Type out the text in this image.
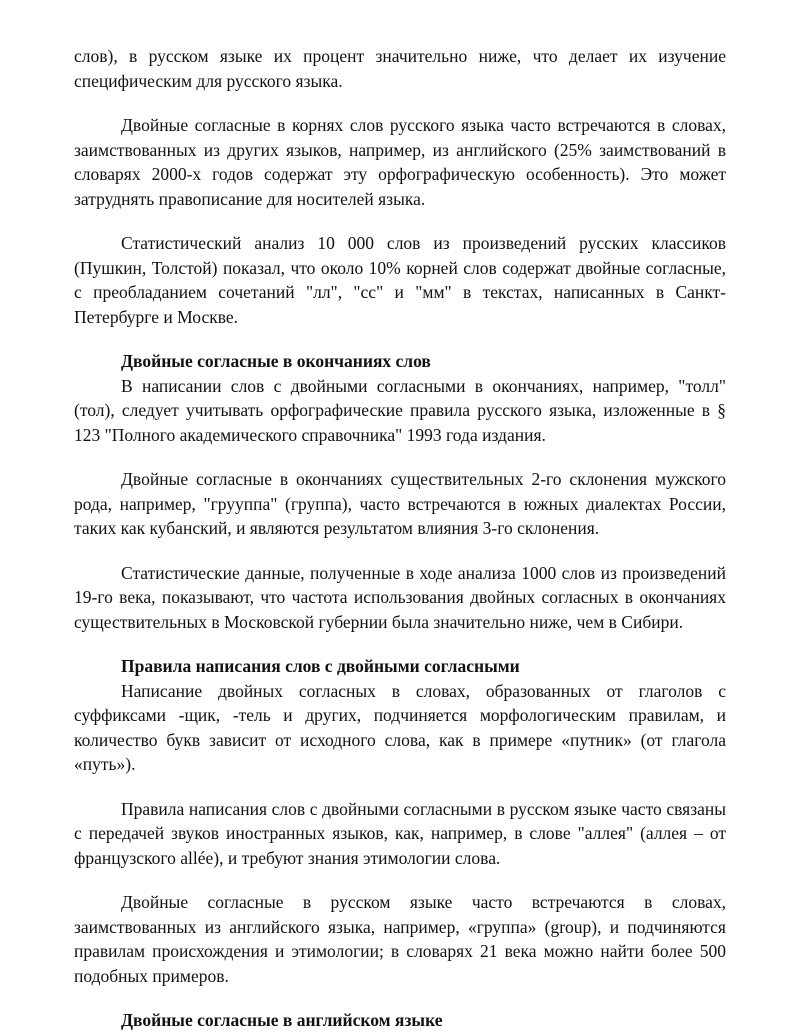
слов), в русском языке их процент значительно ниже, что делает их изучение специфическим для русского языка.

Двойные согласные в корнях слов русского языка часто встречаются в словах, заимствованных из других языков, например, из английского (25% заимствований в словарях 2000-х годов содержат эту орфографическую особенность). Это может затруднять правописание для носителей языка.

Статистический анализ 10 000 слов из произведений русских классиков (Пушкин, Толстой) показал, что около 10% корней слов содержат двойные согласные, с преобладанием сочетаний "лл", "сс" и "мм" в текстах, написанных в Санкт-Петербурге и Москве.

Двойные согласные в окончаниях слов

В написании слов с двойными согласными в окончаниях, например, "толл" (тол), следует учитывать орфографические правила русского языка, изложенные в § 123 "Полного академического справочника" 1993 года издания.

Двойные согласные в окончаниях существительных 2-го склонения мужского рода, например, "грууппа" (группа), часто встречаются в южных диалектах России, таких как кубанский, и являются результатом влияния 3-го склонения.

Статистические данные, полученные в ходе анализа 1000 слов из произведений 19-го века, показывают, что частота использования двойных согласных в окончаниях существительных в Московской губернии была значительно ниже, чем в Сибири.

Правила написания слов с двойными согласными

Написание двойных согласных в словах, образованных от глаголов с суффиксами -щик, -тель и других, подчиняется морфологическим правилам, и количество букв зависит от исходного слова, как в примере «путник» (от глагола «путь»).

Правила написания слов с двойными согласными в русском языке часто связаны с передачей звуков иностранных языков, как, например, в слове "аллея" (аллея – от французского allée), и требуют знания этимологии слова.

Двойные согласные в русском языке часто встречаются в словах, заимствованных из английского языка, например, «группа» (group), и подчиняются правилам происхождения и этимологии; в словарях 21 века можно найти более 500 подобных примеров.

Двойные согласные в английском языке
